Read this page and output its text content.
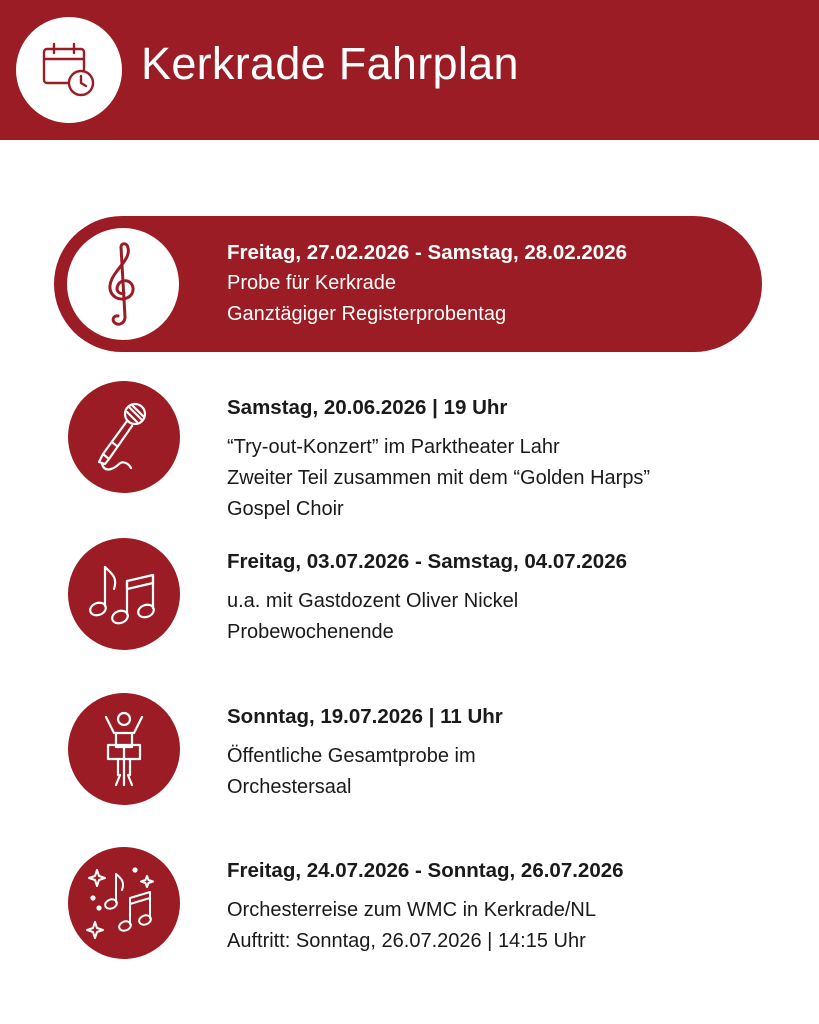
Kerkrade Fahrplan
Freitag, 27.02.2026 - Samstag, 28.02.2026
Probe für Kerkrade
Ganztägiger Registerprobentag
Samstag, 20.06.2026 | 19 Uhr
“Try-out-Konzert” im Parktheater Lahr
Zweiter Teil zusammen mit dem “Golden Harps”
Gospel Choir
Freitag, 03.07.2026 - Samstag, 04.07.2026
u.a. mit Gastdozent Oliver Nickel
Probewochenende
Sonntag, 19.07.2026 | 11 Uhr
Öffentliche Gesamtprobe im
Orchestersaal
Freitag, 24.07.2026 - Sonntag, 26.07.2026
Orchesterreise zum WMC in Kerkrade/NL
Auftritt: Sonntag, 26.07.2026 | 14:15 Uhr
